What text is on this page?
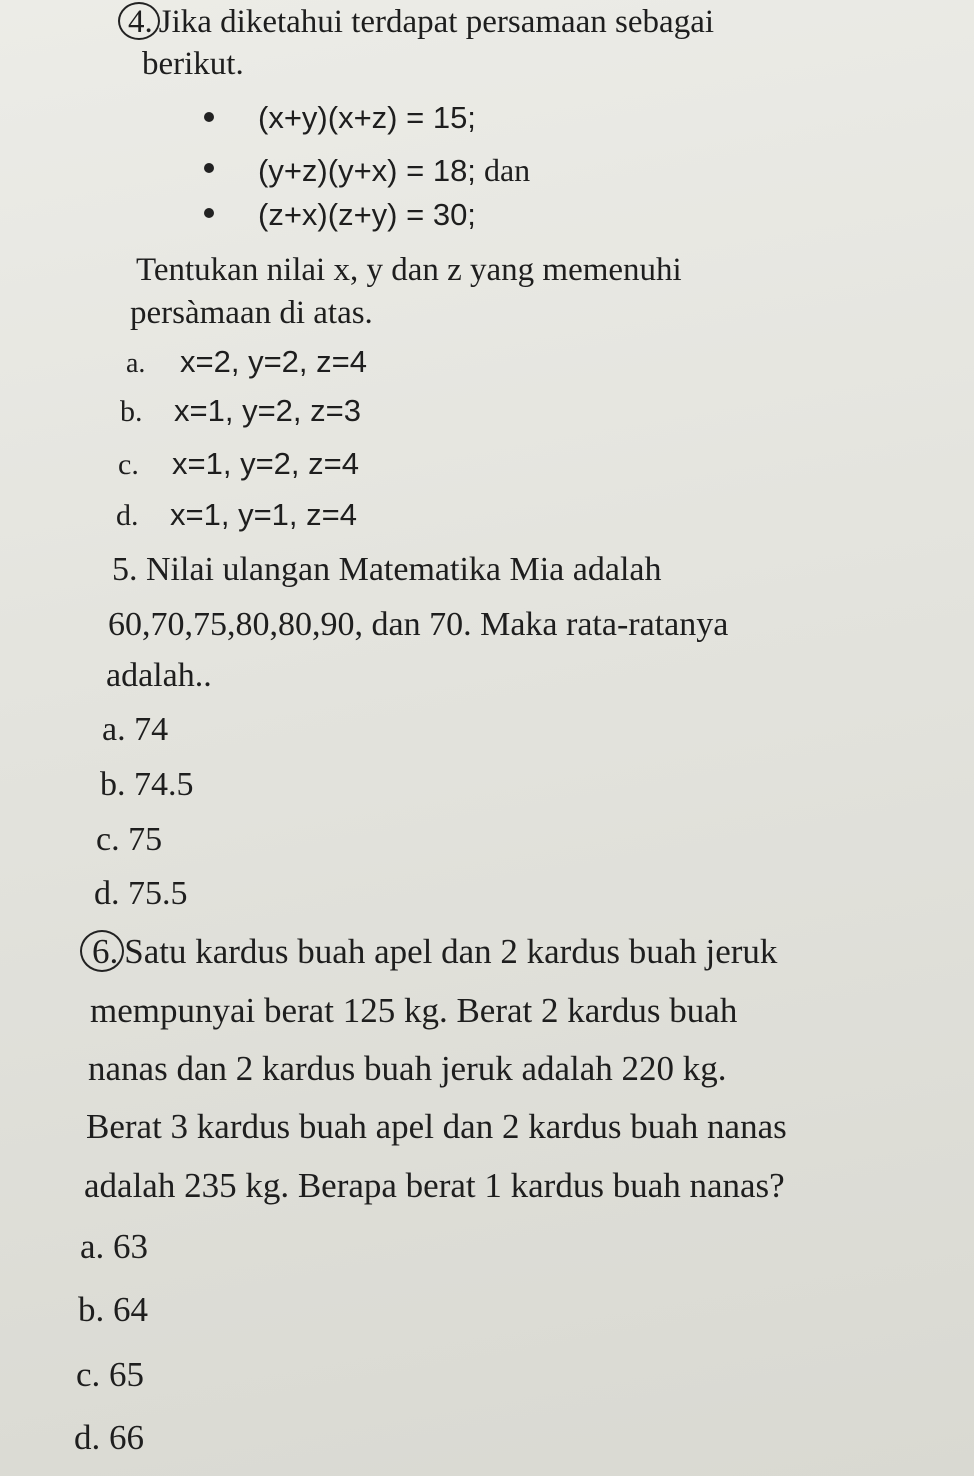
4. Jika diketahui terdapat persamaan sebagai
berikut.
(x+y)(x+z) = 15;
(y+z)(y+x) = 18; dan
(z+x)(z+y) = 30;
Tentukan nilai x, y dan z yang memenuhi
persàmaan di atas.
a. x=2, y=2, z=4
b. x=1, y=2, z=3
c. x=1, y=2, z=4
d. x=1, y=1, z=4
5. Nilai ulangan Matematika Mia adalah
60,70,75,80,80,90, dan 70. Maka rata-ratanya
adalah..
a. 74
b. 74.5
c. 75
d. 75.5
6. Satu kardus buah apel dan 2 kardus buah jeruk
mempunyai berat 125 kg. Berat 2 kardus buah
nanas dan 2 kardus buah jeruk adalah 220 kg.
Berat 3 kardus buah apel dan 2 kardus buah nanas
adalah 235 kg. Berapa berat 1 kardus buah nanas?
a. 63
b. 64
c. 65
d. 66
